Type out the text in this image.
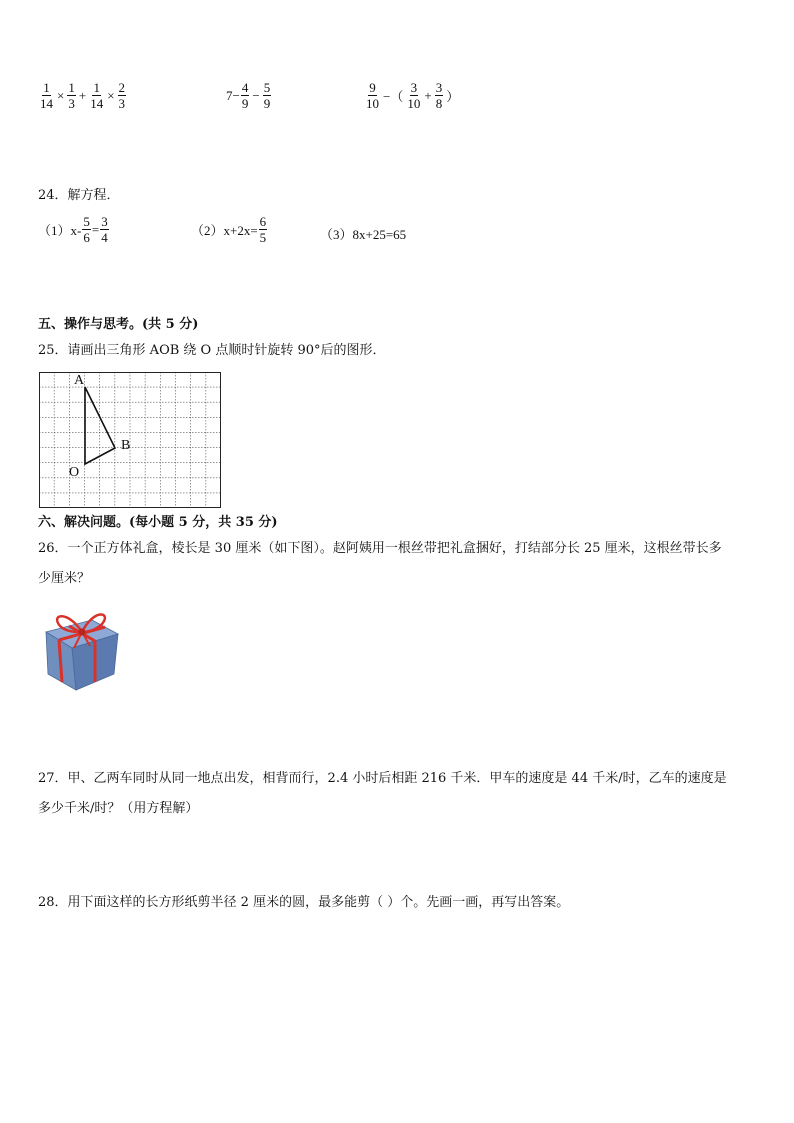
$\frac{1}{14} \times \frac{1}{3} + \frac{1}{14} \times \frac{2}{3}$	$7- \frac{4}{9} - \frac{5}{9}$	$\frac{9}{10}$ −（ $\frac{3}{10} + \frac{3}{8}$ ）
24．解方程．
$(1)x- \frac{5}{6} = \frac{3}{4}$	$(2)x+2x= \frac{6}{5}$	（3）8x+25=65
五、操作与思考。(共 5 分)
25．请画出三角形 AOB 绕 O 点顺时针旋转 90°后的图形．
A
B
O
六、解决问题。(每小题 5 分，共 35 分)
26．一个正方体礼盒，棱长是 30 厘米（如下图）。赵阿姨用一根丝带把礼盒捆好，打结部分长 25 厘米，这根丝带长多
少厘米？
27．甲、乙两车同时从同一地点出发，相背而行，2.4 小时后相距 216 千米．甲车的速度是 44 千米/时，乙车的速度是
多少千米/时？（用方程解）
28．用下面这样的长方形纸剪半径 2 厘米的圆，最多能剪（ ）个。先画一画，再写出答案。
